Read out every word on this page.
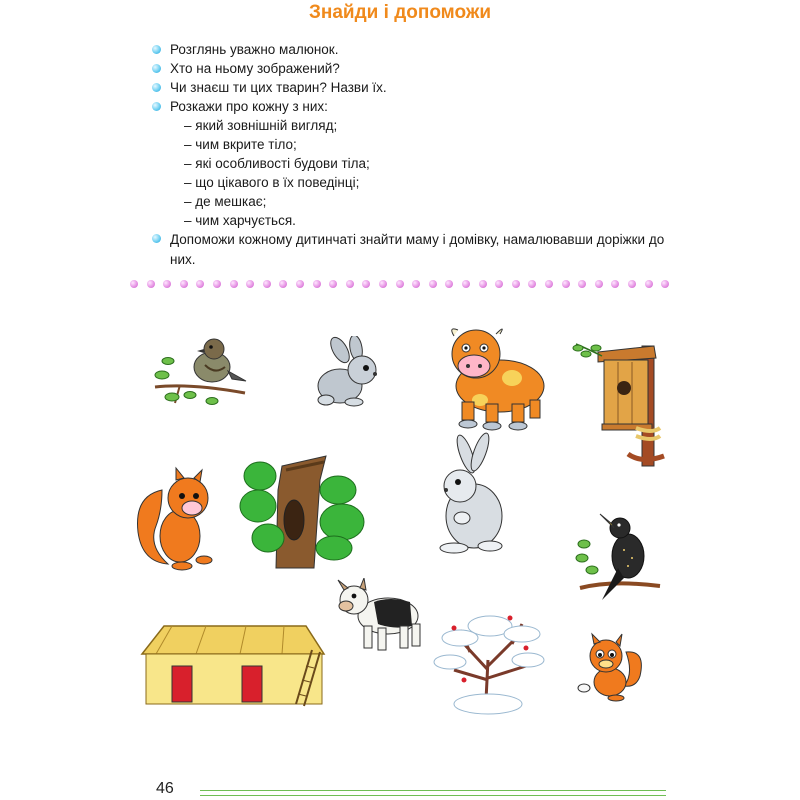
Знайди і допоможи
Розглянь уважно малюнок.
Хто на ньому зображений?
Чи знаєш ти цих тварин? Назви їх.
Розкажи про кожну з них:
– який зовнішній вигляд;
– чим вкрите тіло;
– які особливості будови тіла;
– що цікавого в їх поведінці;
– де мешкає;
– чим харчується.
Допоможи кожному дитинчаті знайти маму і домівку, намалювавши доріжки до них.
46
